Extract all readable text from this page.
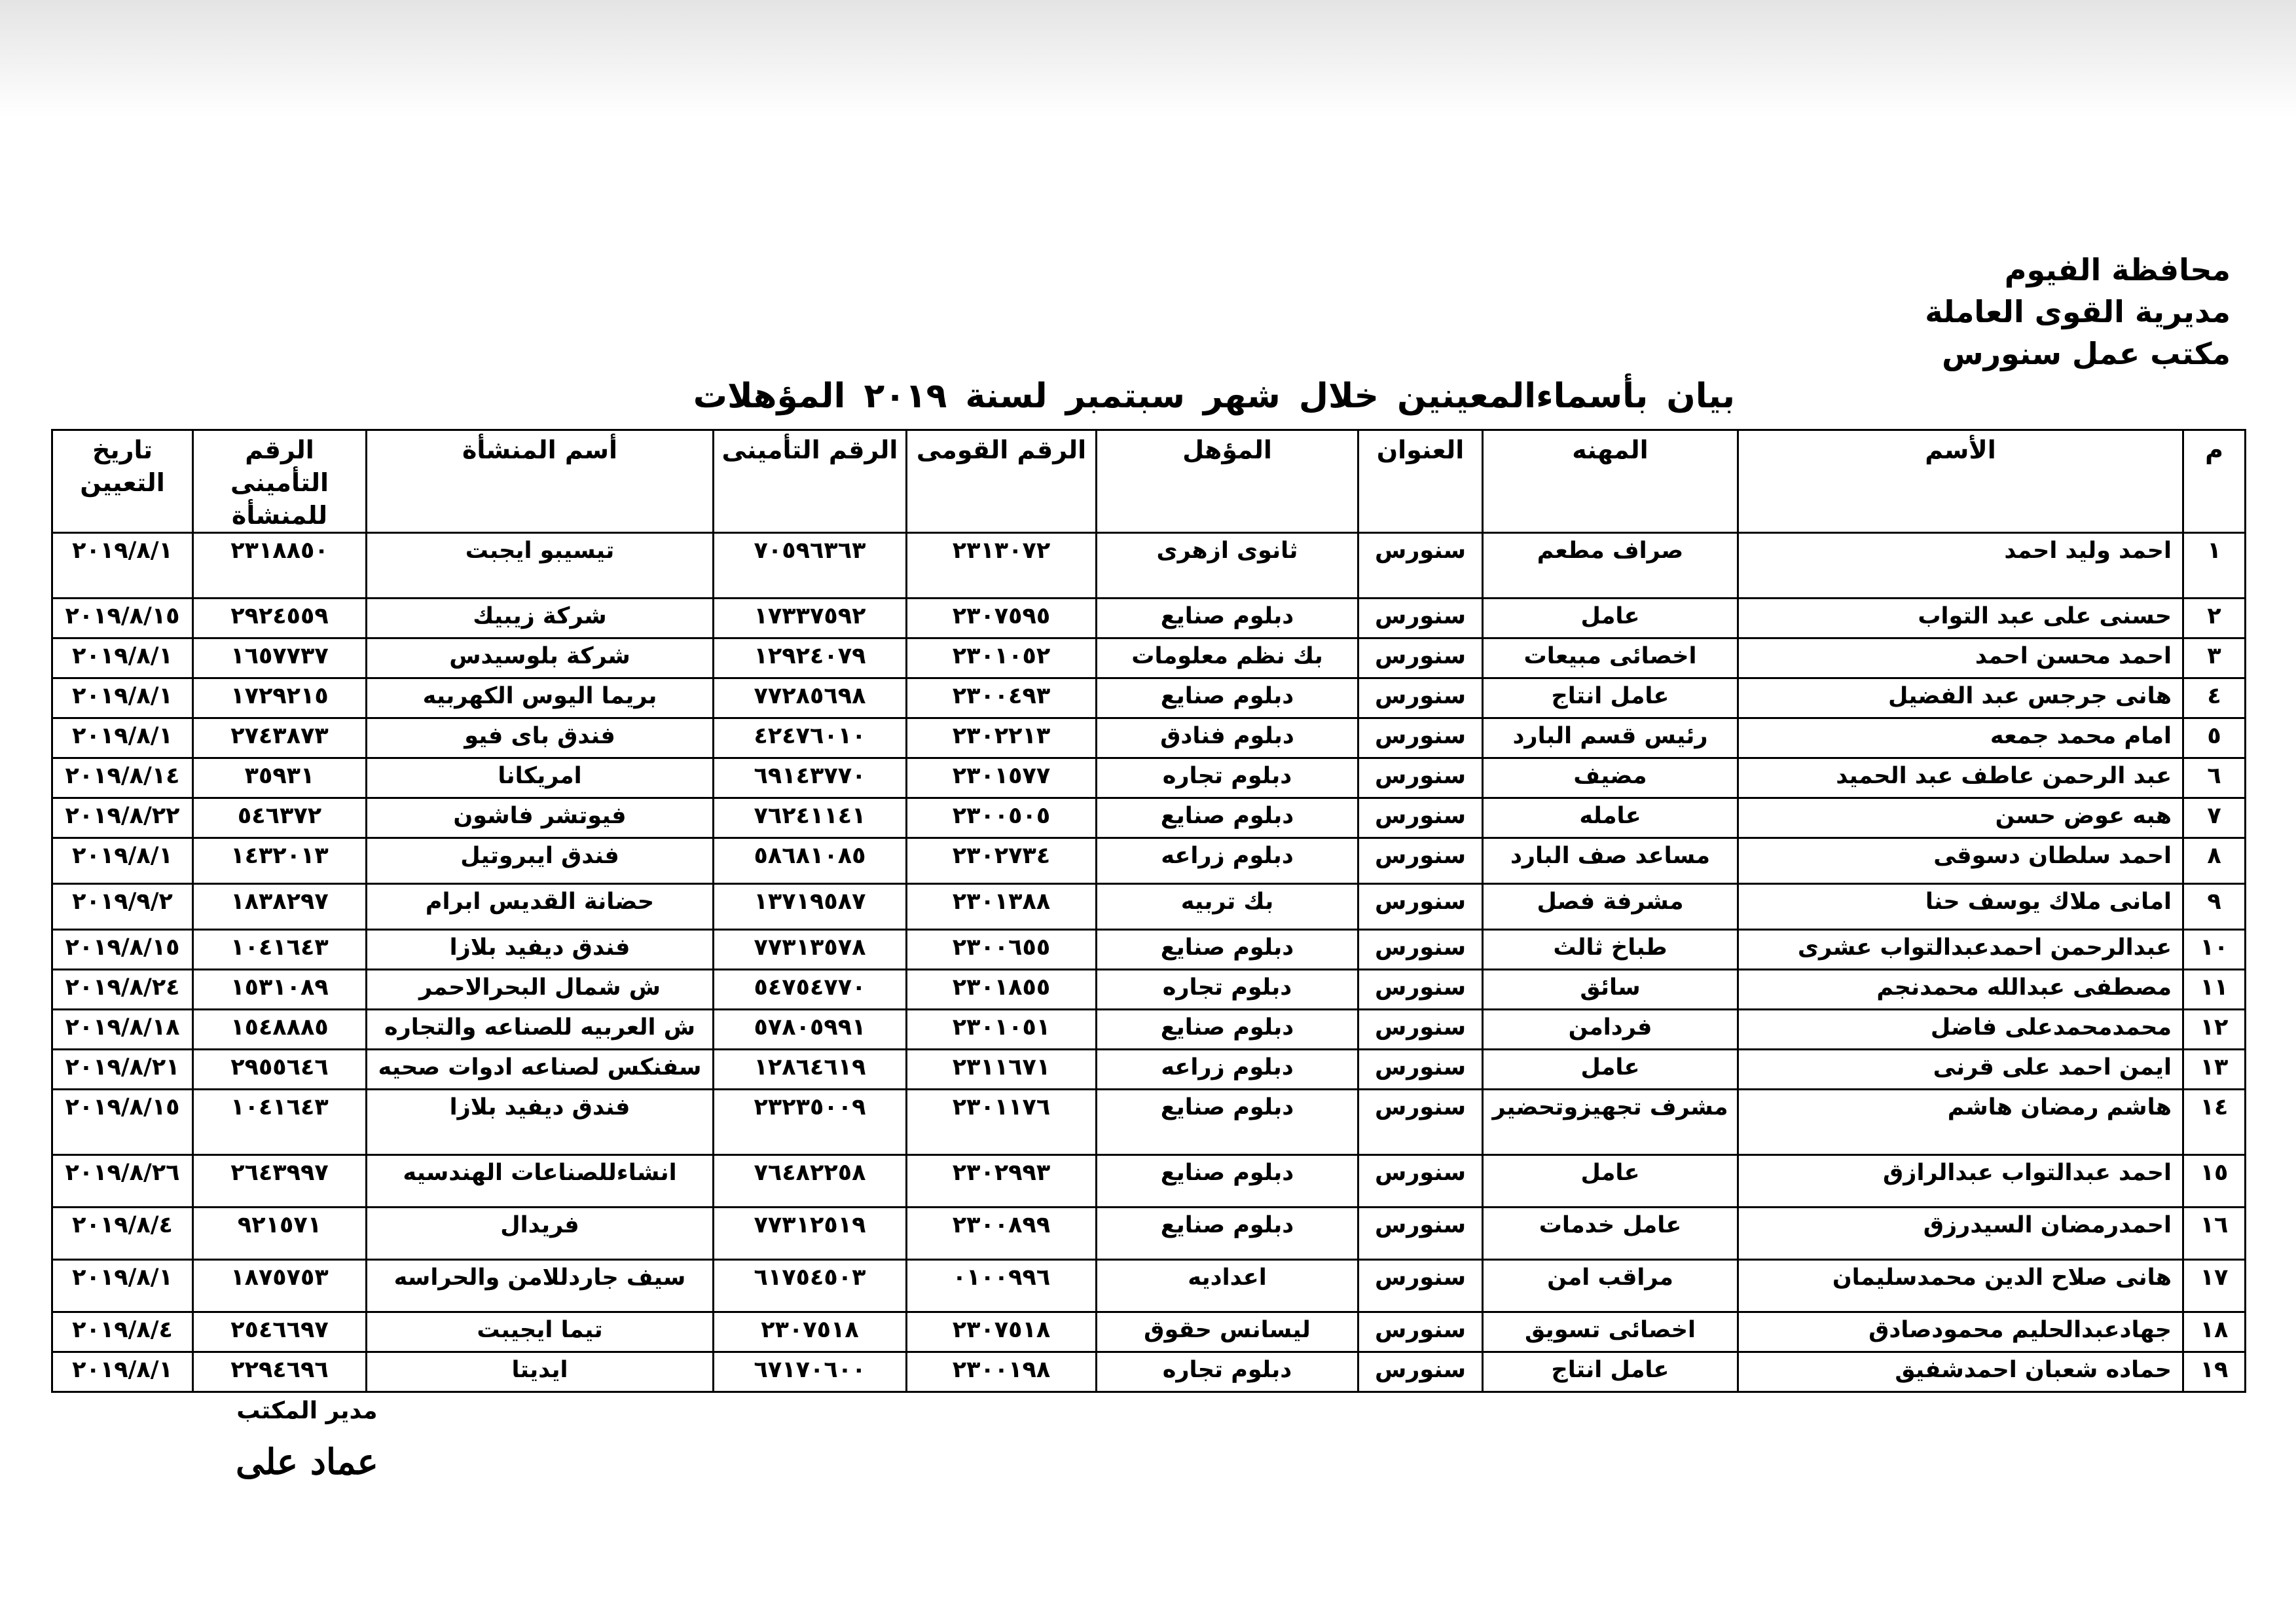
محافظة الفيوم
مديرية القوى العاملة
مكتب عمل سنورس
بيان بأسماءالمعينين خلال شهر سبتمبر لسنة ٢٠١٩ المؤهلات
م	الأسم	المهنه	العنوان	المؤهل	الرقم القومى	الرقم التأمينى	أسم المنشأة	الرقم التأمينى للمنشأة	تاريخ التعيين
١	احمد وليد احمد	صراف مطعم	سنورس	ثانوى ازهرى	٢٣١٣٠٧٢	٧٠٥٩٦٣٦٣	تيسيبو ايجبت	٢٣١٨٨٥٠	٢٠١٩/٨/١
٢	حسنى على عبد التواب	عامل	سنورس	دبلوم صنايع	٢٣٠٧٥٩٥	١٧٣٣٧٥٩٢	شركة زيبيك	٢٩٢٤٥٥٩	٢٠١٩/٨/١٥
٣	احمد محسن احمد	اخصائى مبيعات	سنورس	بك نظم معلومات	٢٣٠١٠٥٢	١٢٩٢٤٠٧٩	شركة بلوسيدس	١٦٥٧٧٣٧	٢٠١٩/٨/١
٤	هانى جرجس عبد الفضيل	عامل انتاج	سنورس	دبلوم صنايع	٢٣٠٠٤٩٣	٧٧٢٨٥٦٩٨	بريما اليوس الكهربيه	١٧٢٩٢١٥	٢٠١٩/٨/١
٥	امام محمد جمعه	رئيس قسم البارد	سنورس	دبلوم فنادق	٢٣٠٢٢١٣	٤٢٤٧٦٠١٠	فندق باى فيو	٢٧٤٣٨٧٣	٢٠١٩/٨/١
٦	عبد الرحمن عاطف عبد الحميد	مضيف	سنورس	دبلوم تجاره	٢٣٠١٥٧٧	٦٩١٤٣٧٧٠	امريكانا	٣٥٩٣١	٢٠١٩/٨/١٤
٧	هبه عوض حسن	عامله	سنورس	دبلوم صنايع	٢٣٠٠٥٠٥	٧٦٢٤١١٤١	فيوتشر فاشون	٥٤٦٣٧٢	٢٠١٩/٨/٢٢
٨	احمد سلطان دسوقى	مساعد صف البارد	سنورس	دبلوم زراعه	٢٣٠٢٧٣٤	٥٨٦٨١٠٨٥	فندق ايبروتيل	١٤٣٢٠١٣	٢٠١٩/٨/١
٩	امانى ملاك يوسف حنا	مشرفة فصل	سنورس	بك تربيه	٢٣٠١٣٨٨	١٣٧١٩٥٨٧	حضانة القديس ابرام	١٨٣٨٢٩٧	٢٠١٩/٩/٢
١٠	عبدالرحمن احمدعبدالتواب عشرى	طباخ ثالث	سنورس	دبلوم صنايع	٢٣٠٠٦٥٥	٧٧٣١٣٥٧٨	فندق ديفيد بلازا	١٠٤١٦٤٣	٢٠١٩/٨/١٥
١١	مصطفى عبدالله محمدنجم	سائق	سنورس	دبلوم تجاره	٢٣٠١٨٥٥	٥٤٧٥٤٧٧٠	ش شمال البحرالاحمر	١٥٣١٠٨٩	٢٠١٩/٨/٢٤
١٢	محمدمحمدعلى فاضل	فردامن	سنورس	دبلوم صنايع	٢٣٠١٠٥١	٥٧٨٠٥٩٩١	ش العربيه للصناعه والتجاره	١٥٤٨٨٨٥	٢٠١٩/٨/١٨
١٣	ايمن احمد على قرنى	عامل	سنورس	دبلوم زراعه	٢٣١١٦٧١	١٢٨٦٤٦١٩	سفنكس لصناعه ادوات صحيه	٢٩٥٥٦٤٦	٢٠١٩/٨/٢١
١٤	هاشم رمضان هاشم	مشرف تجهيزوتحضير	سنورس	دبلوم صنايع	٢٣٠١١٧٦	٢٣٢٣٥٠٠٩	فندق ديفيد بلازا	١٠٤١٦٤٣	٢٠١٩/٨/١٥
١٥	احمد عبدالتواب عبدالرازق	عامل	سنورس	دبلوم صنايع	٢٣٠٢٩٩٣	٧٦٤٨٢٢٥٨	انشاءللصناعات الهندسيه	٢٦٤٣٩٩٧	٢٠١٩/٨/٢٦
١٦	احمدرمضان السيدرزق	عامل خدمات	سنورس	دبلوم صنايع	٢٣٠٠٨٩٩	٧٧٣١٢٥١٩	فريدال	٩٢١٥٧١	٢٠١٩/٨/٤
١٧	هانى صلاح الدين محمدسليمان	مراقب امن	سنورس	اعداديه	٠١٠٠٩٩٦	٦١٧٥٤٥٠٣	سيف جاردللامن والحراسه	١٨٧٥٧٥٣	٢٠١٩/٨/١
١٨	جهادعبدالحليم محمودصادق	اخصائى تسويق	سنورس	ليسانس حقوق	٢٣٠٧٥١٨	٢٣٠٧٥١٨	تيما ايجيبت	٢٥٤٦٦٩٧	٢٠١٩/٨/٤
١٩	حماده شعبان احمدشفيق	عامل انتاج	سنورس	دبلوم تجاره	٢٣٠٠١٩٨	٦٧١٧٠٦٠٠	ايديتا	٢٢٩٤٦٩٦	٢٠١٩/٨/١
مدير المكتب
عماد على
